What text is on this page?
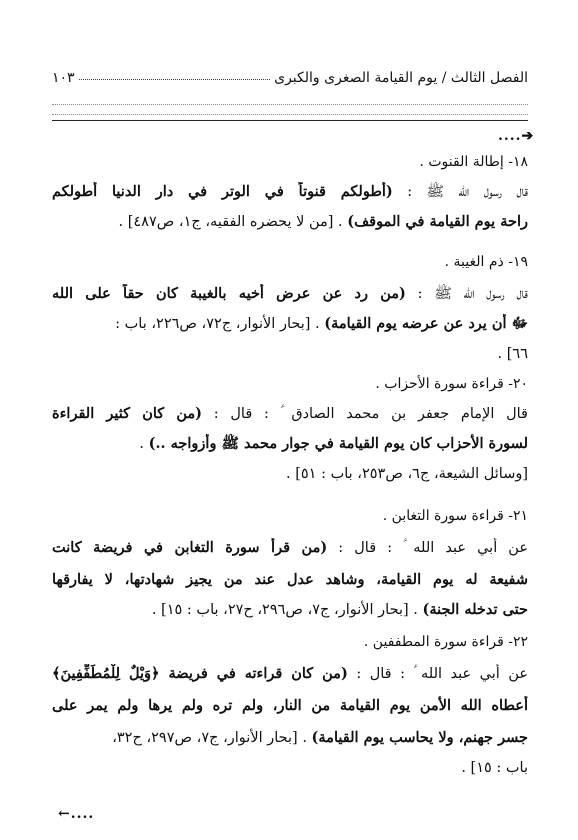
١٠٣	الفصل الثالث / يوم القيامة الصغرى والكبرى
....➔
١٨- إطالة القنوت .
قال رسول الله ﷺ : (أطولكم قنوتاً في الوتر في دار الدنيا أطولكم
راحة يوم القيامة في الموقف) . [من لا يحضره الفقيه، ج١، ص٤٨٧] .
١٩- ذم الغيبة .
قال رسول الله ﷺ : (من رد عن عرض أخيه بالغيبة كان حقاً على الله
ﷻ أن يرد عن عرضه يوم القيامة) . [بحار الأنوار، ج٧٢، ص٢٢٦، باب :
٦٦] .
٢٠- قراءة سورة الأحزاب .
قال الإمام جعفر بن محمد الصادق ؑ : قال : (من كان كثير القراءة
لسورة الأحزاب كان يوم القيامة في جوار محمد ﷺ وأزواجه ..) .
[وسائل الشيعة، ج٦، ص٢٥٣، باب : ٥١] .
٢١- قراءة سورة التغابن .
عن أبي عبد الله ؑ : قال : (من قرأ سورة التغابن في فريضة كانت
شفيعة له يوم القيامة، وشاهد عدل عند من يجيز شهادتها، لا يفارقها
حتى تدخله الجنة) . [بحار الأنوار، ج٧، ص٢٩٦، ح٢٧، باب : ١٥] .
٢٢- قراءة سورة المطففين .
عن أبي عبد الله ؑ : قال : (من كان قراءته في فريضة ﴿وَيْلٌ لِلْمُطَفِّفِينَ﴾
أعطاه الله الأمن يوم القيامة من النار، ولم تره ولم يرها ولم يمر على
جسر جهنم، ولا يحاسب يوم القيامة) . [بحار الأنوار، ج٧، ص٢٩٧، ح٣٢،
باب : ١٥] .
←....
